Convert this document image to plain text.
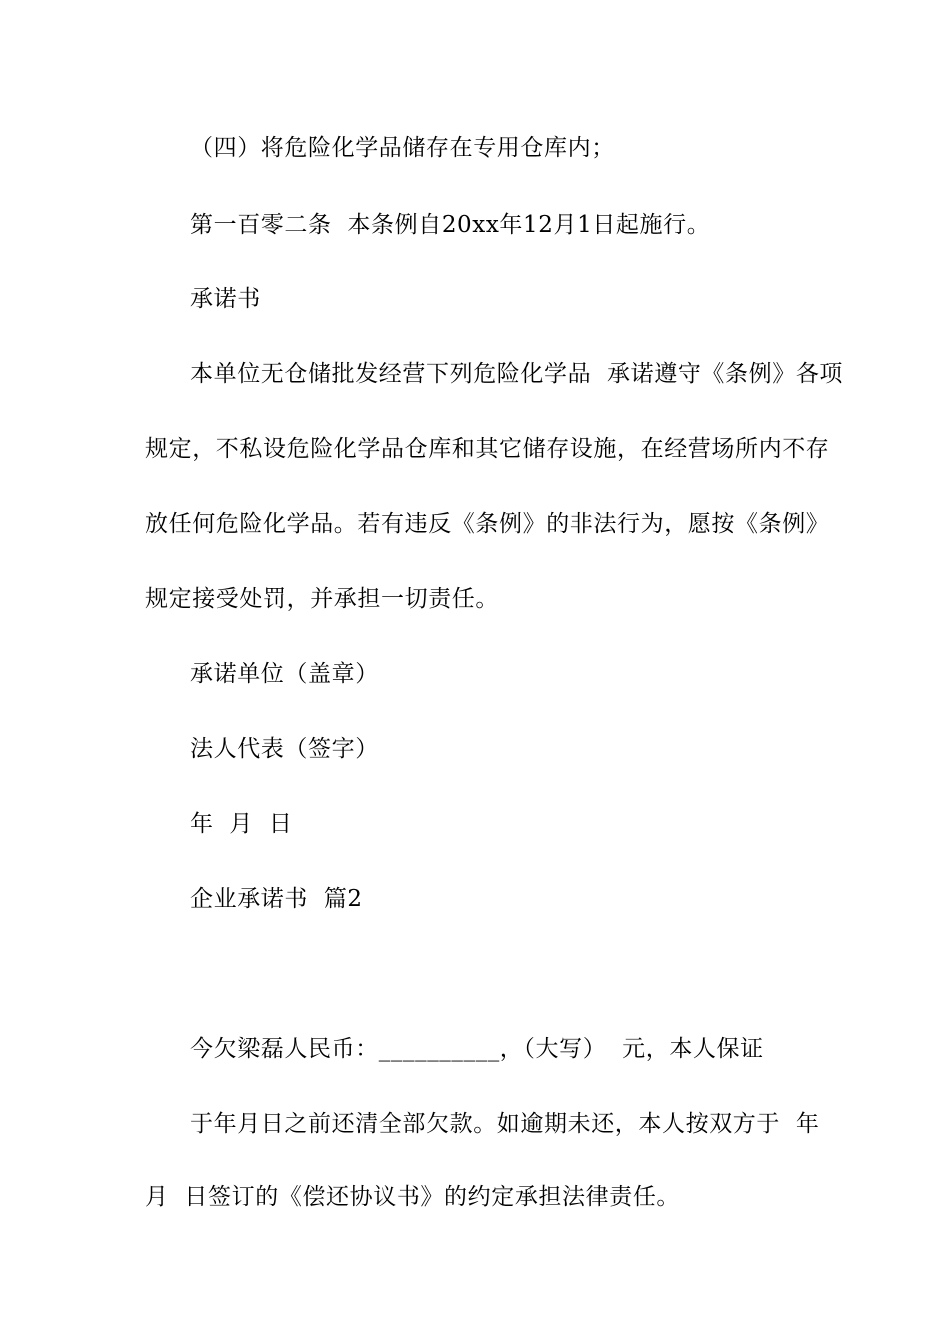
（四）将危险化学品储存在专用仓库内；
第一百零二条  本条例自20xx年12月1日起施行。
承诺书
本单位无仓储批发经营下列危险化学品  承诺遵守《条例》各项
规定，不私设危险化学品仓库和其它储存设施，在经营场所内不存
放任何危险化学品。若有违反《条例》的非法行为，愿按《条例》
规定接受处罚，并承担一切责任。
承诺单位（盖章）
法人代表（签字）
年  月  日
企业承诺书  篇2
今欠梁磊人民币：__________，（大写）  元，本人保证
于年月日之前还清全部欠款。如逾期未还，本人按双方于  年
月  日签订的《偿还协议书》的约定承担法律责任。
